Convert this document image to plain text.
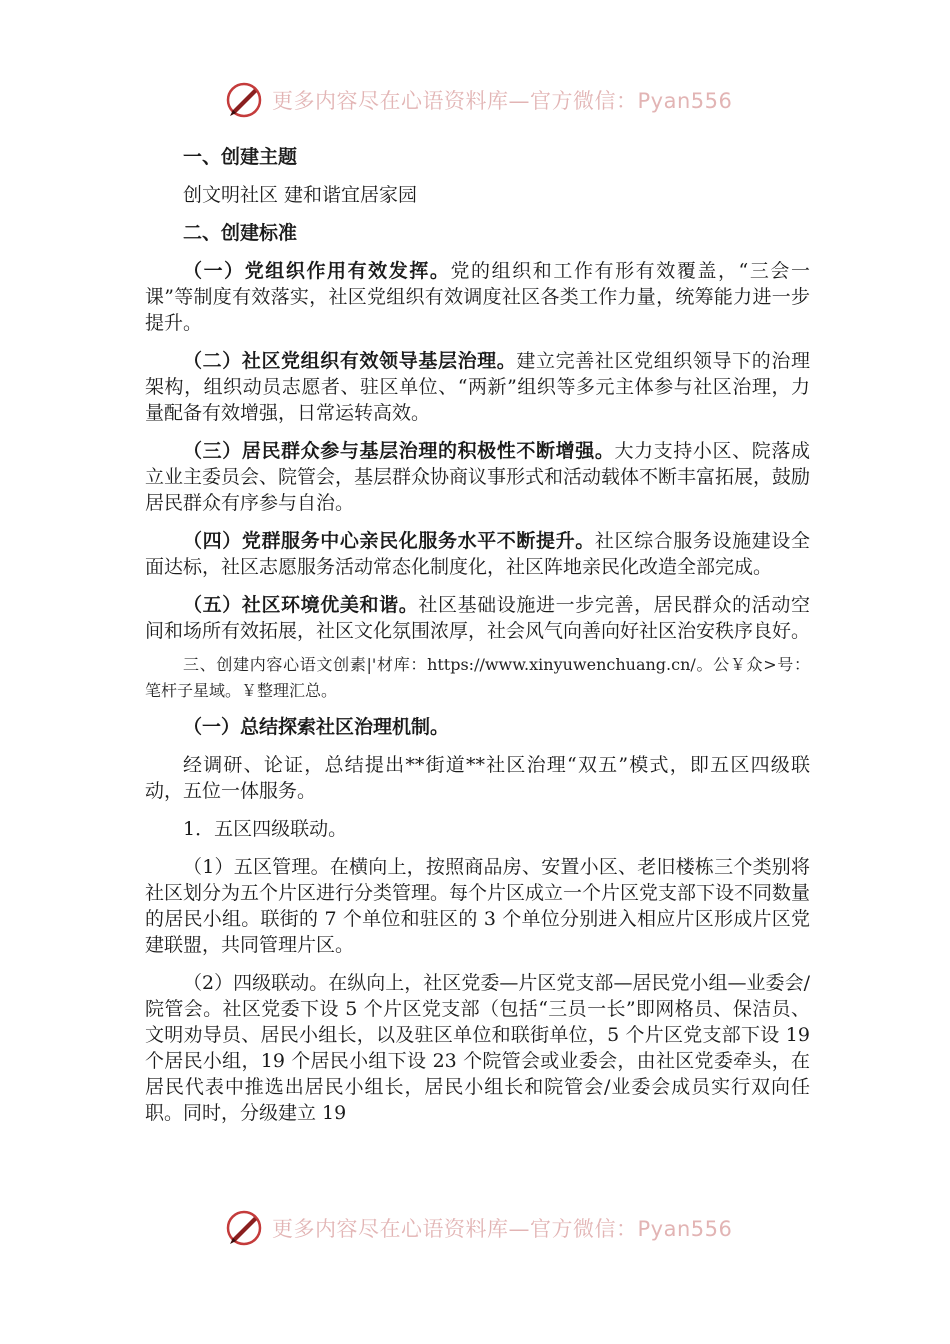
更多内容尽在心语资料库—官方微信：Pyan556

一、创建主题

创文明社区 建和谐宜居家园

二、创建标准

（一）党组织作用有效发挥。党的组织和工作有形有效覆盖，“三会一课”等制度有效落实，社区党组织有效调度社区各类工作力量，统筹能力进一步提升。

（二）社区党组织有效领导基层治理。建立完善社区党组织领导下的治理架构，组织动员志愿者、驻区单位、“两新”组织等多元主体参与社区治理，力量配备有效增强，日常运转高效。

（三）居民群众参与基层治理的积极性不断增强。大力支持小区、院落成立业主委员会、院管会，基层群众协商议事形式和活动载体不断丰富拓展，鼓励居民群众有序参与自治。

（四）党群服务中心亲民化服务水平不断提升。社区综合服务设施建设全面达标，社区志愿服务活动常态化制度化，社区阵地亲民化改造全部完成。

（五）社区环境优美和谐。社区基础设施进一步完善，居民群众的活动空间和场所有效拓展，社区文化氛围浓厚，社会风气向善向好社区治安秩序良好。

三、创建内容心语文创素|'材库：https://www.xinyuwenchuang.cn/。公￥众>号：笔杆子星域。￥整理汇总。

（一）总结探索社区治理机制。

经调研、论证，总结提出**街道**社区治理“双五”模式，即五区四级联动，五位一体服务。

1．五区四级联动。

（1）五区管理。在横向上，按照商品房、安置小区、老旧楼栋三个类别将社区划分为五个片区进行分类管理。每个片区成立一个片区党支部下设不同数量的居民小组。联街的 7 个单位和驻区的 3 个单位分别进入相应片区形成片区党建联盟，共同管理片区。

（2）四级联动。在纵向上，社区党委—片区党支部—居民党小组—业委会/院管会。社区党委下设 5 个片区党支部（包括“三员一长”即网格员、保洁员、文明劝导员、居民小组长，以及驻区单位和联街单位，5 个片区党支部下设 19 个居民小组，19 个居民小组下设 23 个院管会或业委会，由社区党委牵头，在居民代表中推选出居民小组长，居民小组长和院管会/业委会成员实行双向任职。同时，分级建立 19

更多内容尽在心语资料库—官方微信：Pyan556
